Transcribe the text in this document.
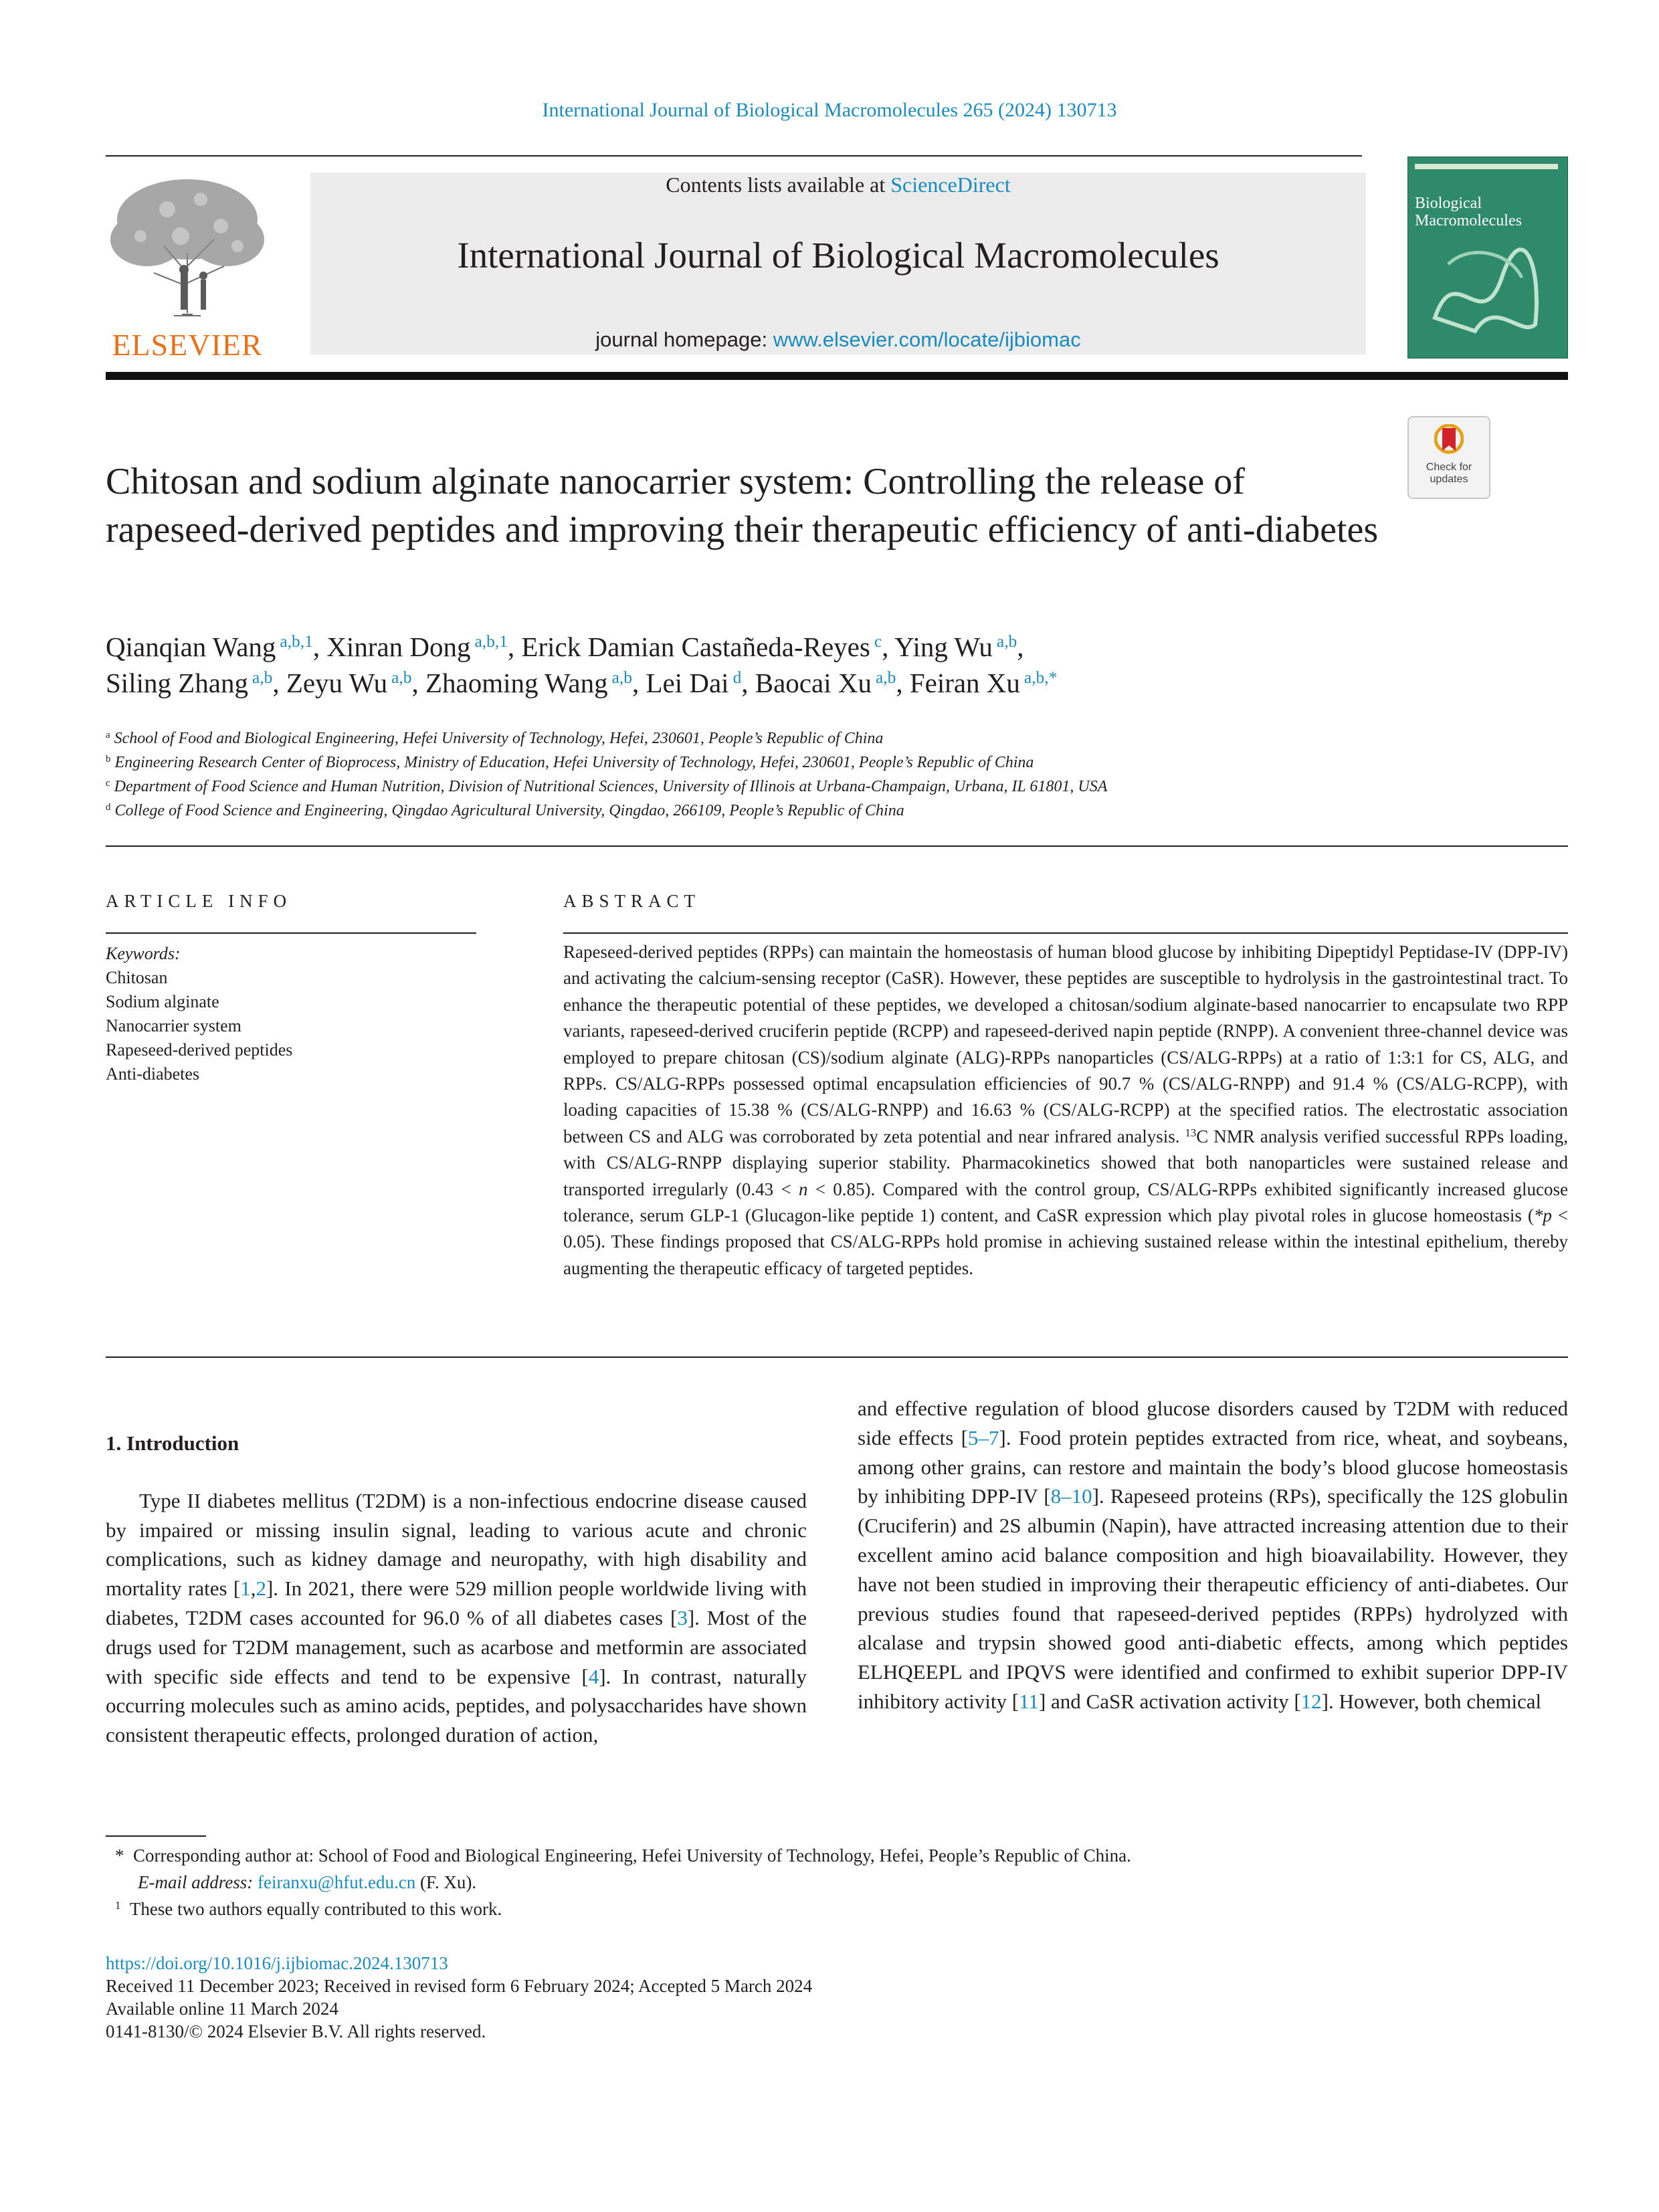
International Journal of Biological Macromolecules 265 (2024) 130713
ELSEVIER
Contents lists available at ScienceDirect
International Journal of Biological Macromolecules
journal homepage: www.elsevier.com/locate/ijbiomac
Biological Macromolecules
Check for
updates
Chitosan and sodium alginate nanocarrier system: Controlling the release of rapeseed-derived peptides and improving their therapeutic efficiency of anti-diabetes
Qianqian Wang $^{a,b,1}$, Xinran Dong $^{a,b,1}$, Erick Damian Castañeda-Reyes $^c$, Ying Wu $^{a,b}$,
Siling Zhang $^{a,b}$, Zeyu Wu $^{a,b}$, Zhaoming Wang $^{a,b}$, Lei Dai $^d$, Baocai Xu $^{a,b}$, Feiran Xu $^{a,b,*}$
$^a$ School of Food and Biological Engineering, Hefei University of Technology, Hefei, 230601, People’s Republic of China
$^b$ Engineering Research Center of Bioprocess, Ministry of Education, Hefei University of Technology, Hefei, 230601, People’s Republic of China
$^c$ Department of Food Science and Human Nutrition, Division of Nutritional Sciences, University of Illinois at Urbana-Champaign, Urbana, IL 61801, USA
$^d$ College of Food Science and Engineering, Qingdao Agricultural University, Qingdao, 266109, People’s Republic of China
ARTICLE INFO	ABSTRACT
Keywords:
Chitosan
Sodium alginate
Nanocarrier system
Rapeseed-derived peptides
Anti-diabetes
Rapeseed-derived peptides (RPPs) can maintain the homeostasis of human blood glucose by inhibiting Dipeptidyl Peptidase-IV (DPP-IV) and activating the calcium-sensing receptor (CaSR). However, these peptides are susceptible to hydrolysis in the gastrointestinal tract. To enhance the therapeutic potential of these peptides, we developed a chitosan/sodium alginate-based nanocarrier to encapsulate two RPP variants, rapeseed-derived cruciferin peptide (RCPP) and rapeseed-derived napin peptide (RNPP). A convenient three-channel device was employed to prepare chitosan (CS)/sodium alginate (ALG)-RPPs nanoparticles (CS/ALG-RPPs) at a ratio of 1:3:1 for CS, ALG, and RPPs. CS/ALG-RPPs possessed optimal encapsulation efficiencies of 90.7 % (CS/ALG-RNPP) and 91.4 % (CS/ALG-RCPP), with loading capacities of 15.38 % (CS/ALG-RNPP) and 16.63 % (CS/ALG-RCPP) at the specified ratios. The electrostatic association between CS and ALG was corroborated by zeta potential and near infrared analysis. $^{13}$C NMR analysis verified successful RPPs loading, with CS/ALG-RNPP displaying superior stability. Pharmacokinetics showed that both nanoparticles were sustained release and transported irregularly (0.43 < n < 0.85). Compared with the control group, CS/ALG-RPPs exhibited significantly increased glucose tolerance, serum GLP-1 (Glucagon-like peptide 1) content, and CaSR expression which play pivotal roles in glucose homeostasis (*p < 0.05). These findings proposed that CS/ALG-RPPs hold promise in achieving sustained release within the intestinal epithelium, thereby augmenting the therapeutic efficacy of targeted peptides.
1. Introduction

Type II diabetes mellitus (T2DM) is a non-infectious endocrine disease caused by impaired or missing insulin signal, leading to various acute and chronic complications, such as kidney damage and neuropathy, with high disability and mortality rates [1,2]. In 2021, there were 529 million people worldwide living with diabetes, T2DM cases accounted for 96.0 % of all diabetes cases [3]. Most of the drugs used for T2DM management, such as acarbose and metformin are associated with specific side effects and tend to be expensive [4]. In contrast, naturally occurring molecules such as amino acids, peptides, and polysaccharides have shown consistent therapeutic effects, prolonged duration of action,

and effective regulation of blood glucose disorders caused by T2DM with reduced side effects [5–7]. Food protein peptides extracted from rice, wheat, and soybeans, among other grains, can restore and maintain the body’s blood glucose homeostasis by inhibiting DPP-IV [8–10]. Rapeseed proteins (RPs), specifically the 12S globulin (Cruciferin) and 2S albumin (Napin), have attracted increasing attention due to their excellent amino acid balance composition and high bioavailability. However, they have not been studied in improving their therapeutic efficiency of anti-diabetes. Our previous studies found that rapeseed-derived peptides (RPPs) hydrolyzed with alcalase and trypsin showed good anti-diabetic effects, among which peptides ELHQEEPL and IPQVS were identified and confirmed to exhibit superior DPP-IV inhibitory activity [11] and CaSR activation activity [12]. However, both chemical

* Corresponding author at: School of Food and Biological Engineering, Hefei University of Technology, Hefei, People’s Republic of China.
E-mail address: feiranxu@hfut.edu.cn (F. Xu).
$^1$ These two authors equally contributed to this work.
https://doi.org/10.1016/j.ijbiomac.2024.130713
Received 11 December 2023; Received in revised form 6 February 2024; Accepted 5 March 2024
Available online 11 March 2024
0141-8130/© 2024 Elsevier B.V. All rights reserved.
